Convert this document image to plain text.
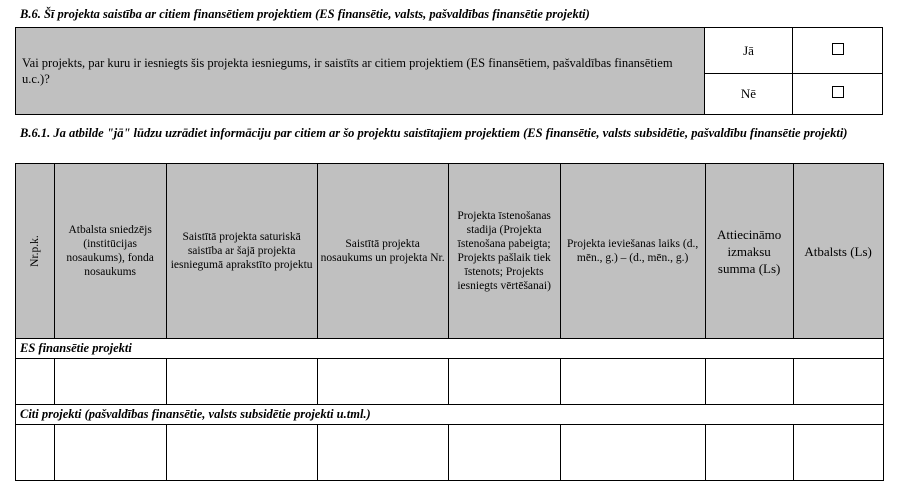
B.6. Šī projekta saistība ar citiem finansētiem projektiem (ES finansētie, valsts, pašvaldības finansētie projekti)
Vai projekts, par kuru ir iesniegts šis projekta iesniegums, ir saistīts ar citiem projektiem (ES finansētiem, pašvaldības finansētiem u.c.)?	Jā	
	Nē	
B.6.1. Ja atbilde "jā" lūdzu uzrādiet informāciju par citiem ar šo projektu saistītajiem projektiem (ES finansētie, valsts subsidētie, pašvaldību finansētie projekti)
Nr.p.k.	Atbalsta sniedzējs (institūcijas nosaukums), fonda nosaukums	Saistītā projekta saturiskā saistība ar šajā projekta iesniegumā aprakstīto projektu	Saistītā projekta nosaukums un projekta Nr.	Projekta īstenošanas stadija (Projekta īstenošana pabeigta; Projekts pašlaik tiek īstenots; Projekts iesniegts vērtēšanai)	Projekta ieviešanas laiks (d., mēn., g.) – (d., mēn., g.)	Attiecināmo izmaksu summa (Ls)	Atbalsts (Ls)
ES finansētie projekti							

Citi projekti (pašvaldības finansētie, valsts subsidētie projekti u.tml.)							
